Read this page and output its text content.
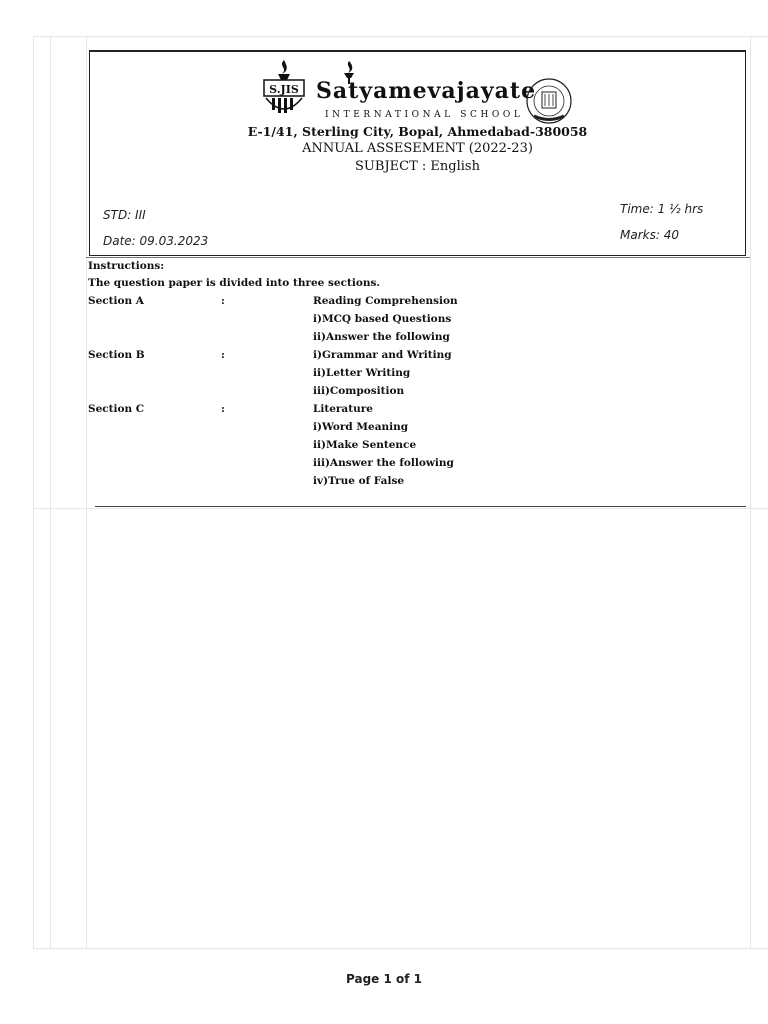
S.JIS Satyamevajayate
INTERNATIONAL SCHOOL
E-1/41, Sterling City, Bopal, Ahmedabad-380058
ANNUAL ASSESEMENT (2022-23)
SUBJECT : English
STD: III
Date: 09.03.2023
Time: 1 ½ hrs
Marks: 40
Instructions:
The question paper is divided into three sections.
Section A	:	Reading Comprehension
i)MCQ based Questions
ii)Answer the following
Section B	:	i)Grammar and Writing
ii)Letter Writing
iii)Composition
Section C	:	Literature
i)Word Meaning
ii)Make Sentence
iii)Answer the following
iv)True of False
Page 1 of 1
